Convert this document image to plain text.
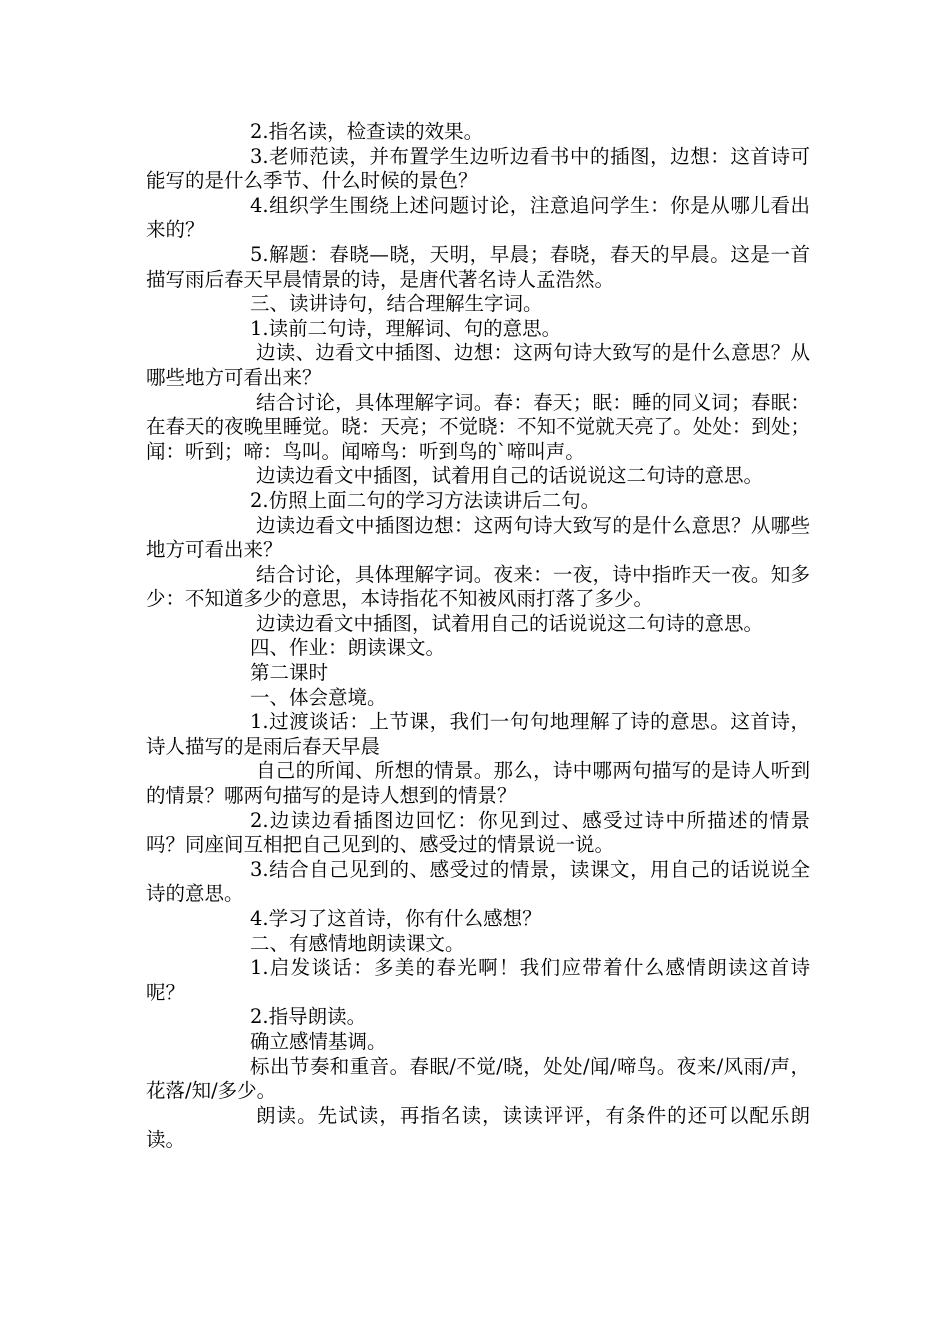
2.指名读，检查读的效果。

3.老师范读，并布置学生边听边看书中的插图，边想：这首诗可能写的是什么季节、什么时候的景色？

4.组织学生围绕上述问题讨论，注意追问学生：你是从哪儿看出来的？

5.解题：春晓—晓，天明，早晨；春晓，春天的早晨。这是一首描写雨后春天早晨情景的诗，是唐代著名诗人孟浩然。

三、读讲诗句，结合理解生字词。

1.读前二句诗，理解词、句的意思。

边读、边看文中插图、边想：这两句诗大致写的是什么意思？从哪些地方可看出来？

结合讨论，具体理解字词。春：春天；眠：睡的同义词；春眠：在春天的夜晚里睡觉。晓：天亮；不觉晓：不知不觉就天亮了。处处：到处；闻：听到；啼：鸟叫。闻啼鸟：听到鸟的`啼叫声。

边读边看文中插图，试着用自己的话说说这二句诗的意思。

2.仿照上面二句的学习方法读讲后二句。

边读边看文中插图边想：这两句诗大致写的是什么意思？从哪些地方可看出来？

结合讨论，具体理解字词。夜来：一夜，诗中指昨天一夜。知多少：不知道多少的意思，本诗指花不知被风雨打落了多少。

边读边看文中插图，试着用自己的话说说这二句诗的意思。

四、作业：朗读课文。

第二课时

一、体会意境。

1.过渡谈话：上节课，我们一句句地理解了诗的意思。这首诗，诗人描写的是雨后春天早晨

自己的所闻、所想的情景。那么，诗中哪两句描写的是诗人听到的情景？哪两句描写的是诗人想到的情景？

2.边读边看插图边回忆：你见到过、感受过诗中所描述的情景吗？同座间互相把自己见到的、感受过的情景说一说。

3.结合自己见到的、感受过的情景，读课文，用自己的话说说全诗的意思。

4.学习了这首诗，你有什么感想？

二、有感情地朗读课文。

1.启发谈话：多美的春光啊！我们应带着什么感情朗读这首诗呢？

2.指导朗读。

确立感情基调。

标出节奏和重音。春眠/不觉/晓，处处/闻/啼鸟。夜来/风雨/声，花落/知/多少。

朗读。先试读，再指名读，读读评评，有条件的还可以配乐朗读。
